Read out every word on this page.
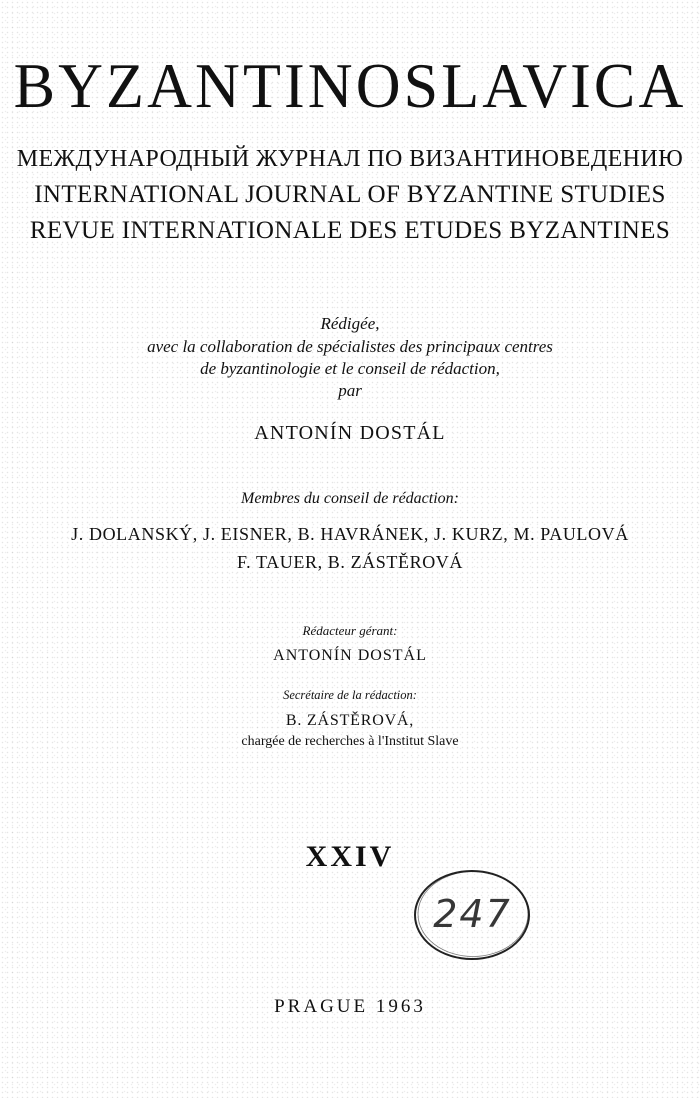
BYZANTINOSLAVICA
МЕЖДУНАРОДНЫЙ ЖУРНАЛ ПО ВИЗАНТИНОВЕДЕНИЮ
INTERNATIONAL JOURNAL OF BYZANTINE STUDIES
REVUE INTERNATIONALE DES ETUDES BYZANTINES
Rédigée,
avec la collaboration de spécialistes des principaux centres
de byzantinologie et le conseil de rédaction,
par
ANTONÍN DOSTÁL
Membres du conseil de rédaction:
J. DOLANSKÝ, J. EISNER, B. HAVRÁNEK, J. KURZ, M. PAULOVÁ
F. TAUER, B. ZÁSTĚROVÁ
Rédacteur gérant:
ANTONÍN DOSTÁL
Secrétaire de la rédaction:
B. ZÁSTĚROVÁ,
chargée de recherches à l'Institut Slave
XXIV
247
PRAGUE 1963
